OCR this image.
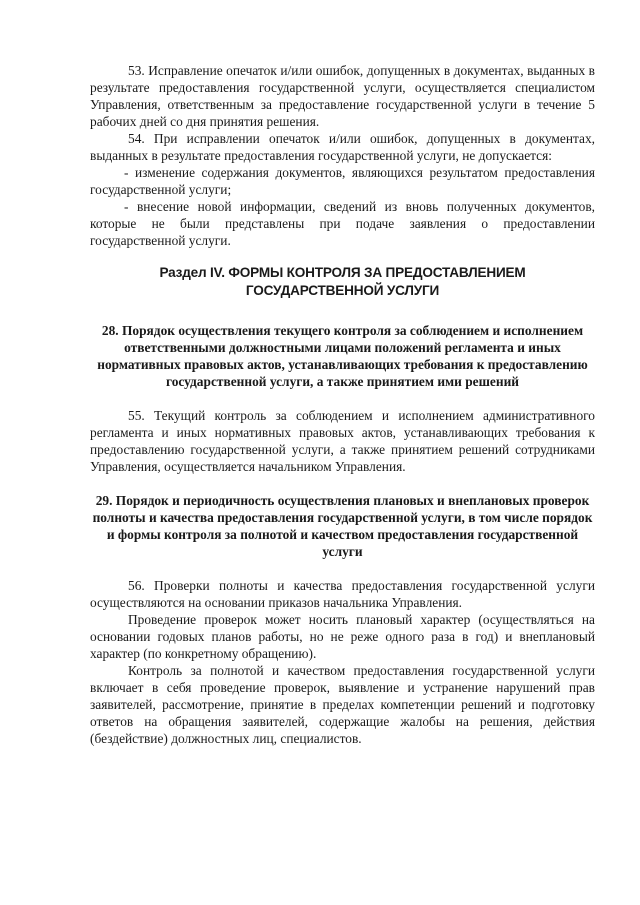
53. Исправление опечаток и/или ошибок, допущенных в документах, выданных в результате предоставления государственной услуги, осуществляется специалистом Управления, ответственным за предоставление государственной услуги в течение 5 рабочих дней со дня принятия решения.

54. При исправлении опечаток и/или ошибок, допущенных в документах, выданных в результате предоставления государственной услуги, не допускается:

- изменение содержания документов, являющихся результатом предоставления государственной услуги;

- внесение новой информации, сведений из вновь полученных документов, которые не были представлены при подаче заявления о предоставлении государственной услуги.

Раздел IV. ФОРМЫ КОНТРОЛЯ ЗА ПРЕДОСТАВЛЕНИЕМ
ГОСУДАРСТВЕННОЙ УСЛУГИ

28. Порядок осуществления текущего контроля за соблюдением и исполнением ответственными должностными лицами положений регламента и иных нормативных правовых актов, устанавливающих требования к предоставлению государственной услуги, а также принятием ими решений

55. Текущий контроль за соблюдением и исполнением административного регламента и иных нормативных правовых актов, устанавливающих требования к предоставлению государственной услуги, а также принятием решений сотрудниками Управления, осуществляется начальником Управления.

29. Порядок и периодичность осуществления плановых и внеплановых проверок полноты и качества предоставления государственной услуги, в том числе порядок и формы контроля за полнотой и качеством предоставления государственной услуги

56. Проверки полноты и качества предоставления государственной услуги осуществляются на основании приказов начальника Управления.

Проведение проверок может носить плановый характер (осуществляться на основании годовых планов работы, но не реже одного раза в год) и внеплановый характер (по конкретному обращению).

Контроль за полнотой и качеством предоставления государственной услуги включает в себя проведение проверок, выявление и устранение нарушений прав заявителей, рассмотрение, принятие в пределах компетенции решений и подготовку ответов на обращения заявителей, содержащие жалобы на решения, действия (бездействие) должностных лиц, специалистов.
